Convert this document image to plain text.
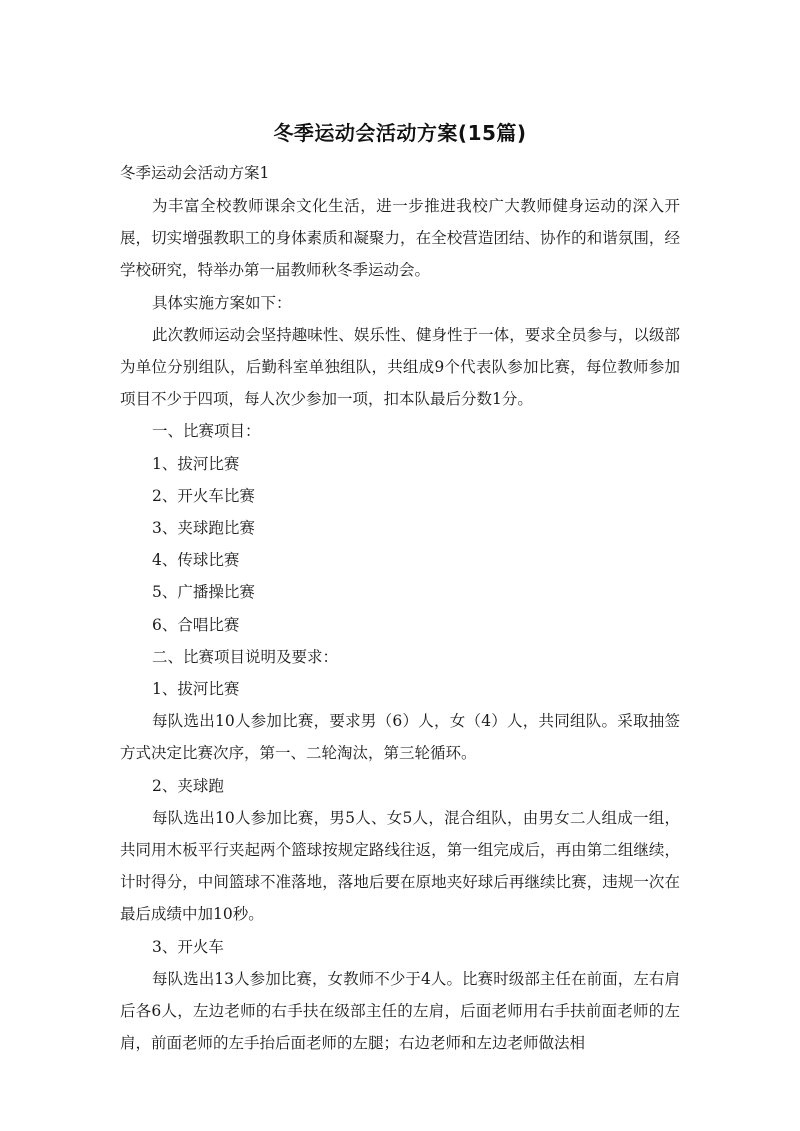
冬季运动会活动方案(15篇)
冬季运动会活动方案1

为丰富全校教师课余文化生活，进一步推进我校广大教师健身运动的深入开展，切实增强教职工的身体素质和凝聚力，在全校营造团结、协作的和谐氛围，经学校研究，特举办第一届教师秋冬季运动会。

具体实施方案如下：

此次教师运动会坚持趣味性、娱乐性、健身性于一体，要求全员参与，以级部为单位分别组队，后勤科室单独组队，共组成9个代表队参加比赛，每位教师参加项目不少于四项，每人次少参加一项，扣本队最后分数1分。

一、比赛项目：

1、拔河比赛

2、开火车比赛

3、夹球跑比赛

4、传球比赛

5、广播操比赛

6、合唱比赛

二、比赛项目说明及要求：

1、拔河比赛

每队选出10人参加比赛，要求男（6）人，女（4）人，共同组队。采取抽签方式决定比赛次序，第一、二轮淘汰，第三轮循环。

2、夹球跑

每队选出10人参加比赛，男5人、女5人，混合组队，由男女二人组成一组，共同用木板平行夹起两个篮球按规定路线往返，第一组完成后，再由第二组继续，计时得分，中间篮球不准落地，落地后要在原地夹好球后再继续比赛，违规一次在最后成绩中加10秒。

3、开火车

每队选出13人参加比赛，女教师不少于4人。比赛时级部主任在前面，左右肩后各6人，左边老师的右手扶在级部主任的左肩，后面老师用右手扶前面老师的左肩，前面老师的左手抬后面老师的左腿；右边老师和左边老师做法相
